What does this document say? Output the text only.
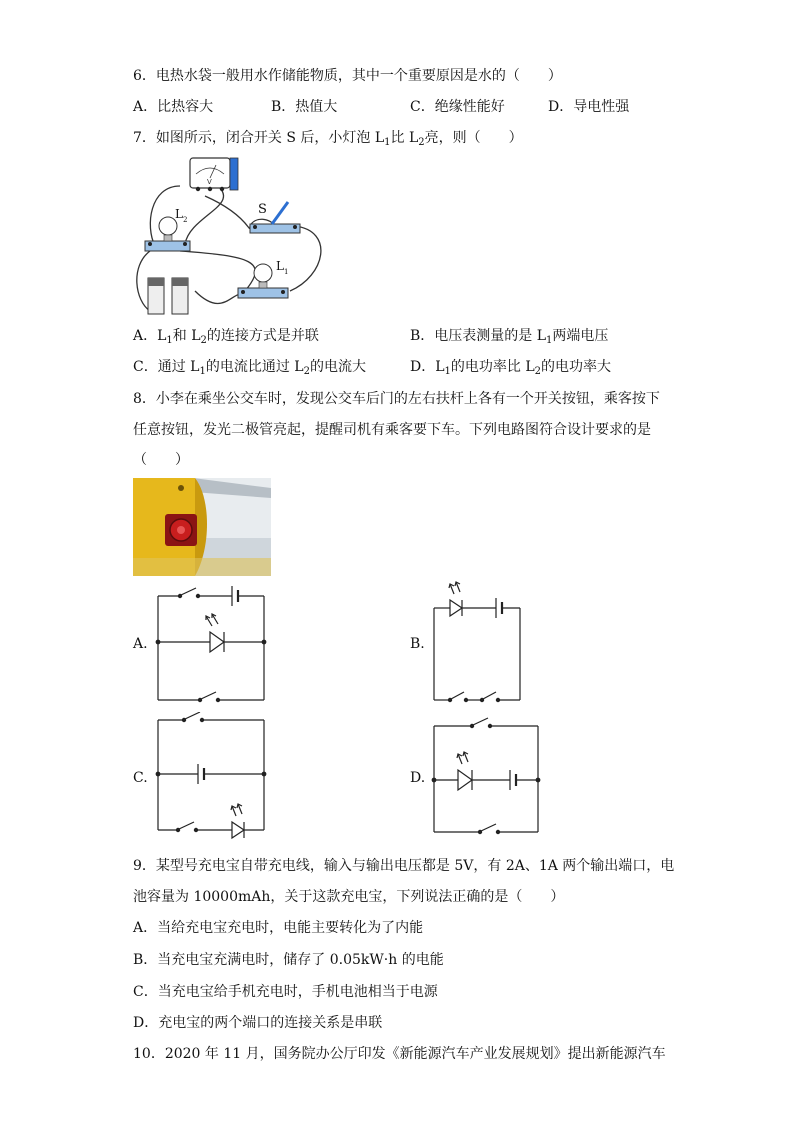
6．电热水袋一般用水作储能物质，其中一个重要原因是水的（　　）
A．比热容大	B．热值大	C．绝缘性能好	D．导电性强
7．如图所示，闭合开关 S 后，小灯泡 $L_1$比 $L_2$亮，则（　　）
V
L 2
S
L 1
A．$L_1$和 $L_2$的连接方式是并联	B．电压表测量的是 $L_1$两端电压
C．通过 $L_1$的电流比通过 $L_2$的电流大	D．$L_1$的电功率比 $L_2$的电功率大
8．小李在乘坐公交车时，发现公交车后门的左右扶杆上各有一个开关按钮，乘客按下
任意按钮，发光二极管亮起，提醒司机有乘客要下车。下列电路图符合设计要求的是
（　　）
A.	B.
C.	D.
9．某型号充电宝自带充电线，输入与输出电压都是 5V，有 2A、1A 两个输出端口，电
池容量为 10000mAh，关于这款充电宝，下列说法正确的是（　　）
A．当给充电宝充电时，电能主要转化为了内能
B．当充电宝充满电时，储存了 0.05kW·h 的电能
C．当充电宝给手机充电时，手机电池相当于电源
D．充电宝的两个端口的连接关系是串联
10．2020 年 11 月，国务院办公厅印发《新能源汽车产业发展规划》提出新能源汽车
